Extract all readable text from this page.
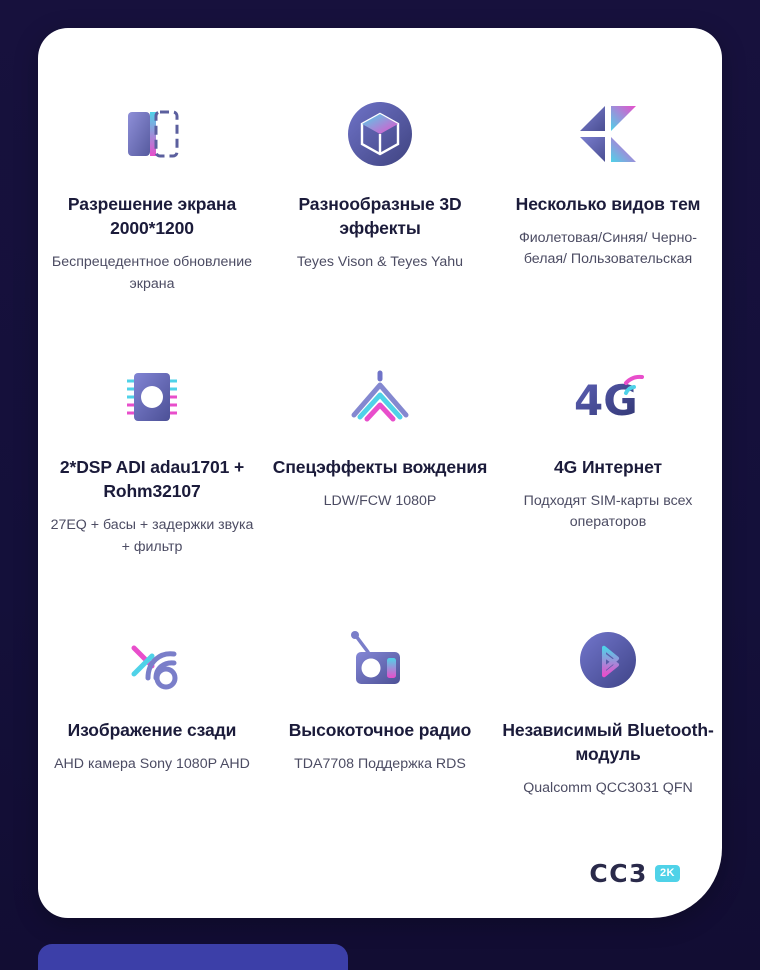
Разрешение экрана 2000*1200
Беспрецедентное обновление экрана
Разнообразные 3D эффекты
Teyes Vison & Teyes Yahu
Несколько видов тем
Фиолетовая/Синяя/ Черно-белая/ Пользовательская
2*DSP ADI adau1701 + Rohm32107
27EQ + басы + задержки звука + фильтр
Спецэффекты вождения
LDW/FCW 1080P
4G
4G Интернет
Подходят SIM-карты всех операторов
Изображение сзади
AHD камера Sony 1080P AHD
Высокоточное радио
TDA7708 Поддержка RDS
Независимый Bluetooth-модуль
Qualcomm QCC3031 QFN
CC3	2K
